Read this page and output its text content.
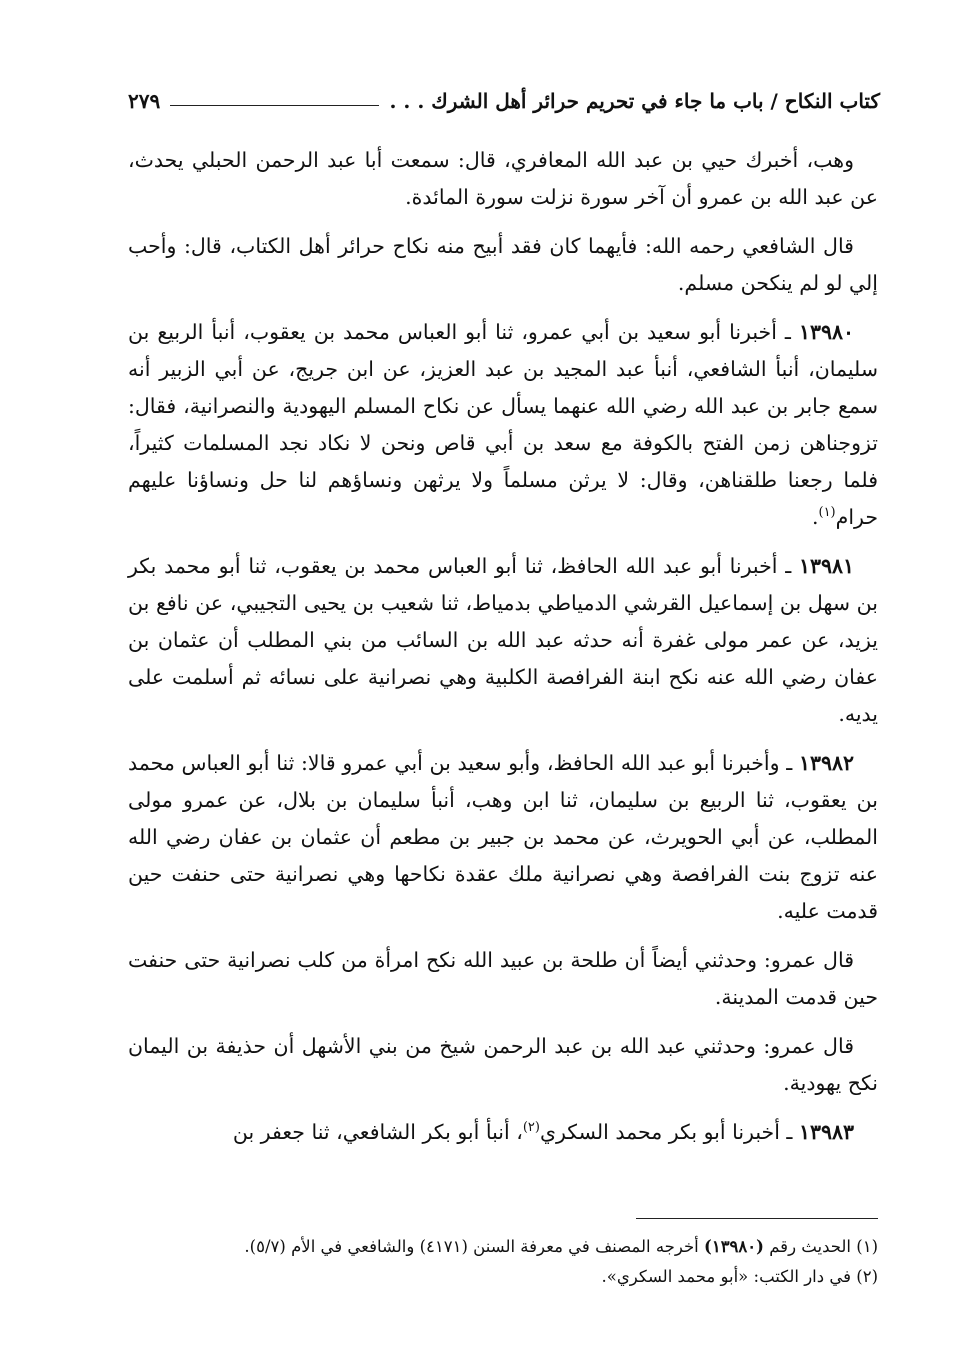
كتاب النكاح / باب ما جاء في تحريم حرائر أهل الشرك . . .
٢٧٩

وهب، أخبرك حيي بن عبد الله المعافري، قال: سمعت أبا عبد الرحمن الحبلي يحدث، عن عبد الله بن عمرو أن آخر سورة نزلت سورة المائدة.

قال الشافعي رحمه الله: فأيهما كان فقد أبيح منه نكاح حرائر أهل الكتاب، قال: وأحب إلي لو لم ينكحن مسلم.

١٣٩٨٠ ـ أخبرنا أبو سعيد بن أبي عمرو، ثنا أبو العباس محمد بن يعقوب، أنبأ الربيع بن سليمان، أنبأ الشافعي، أنبأ عبد المجيد بن عبد العزيز، عن ابن جريج، عن أبي الزبير أنه سمع جابر بن عبد الله رضي الله عنهما يسأل عن نكاح المسلم اليهودية والنصرانية، فقال: تزوجناهن زمن الفتح بالكوفة مع سعد بن أبي قاص ونحن لا نكاد نجد المسلمات كثيراً، فلما رجعنا طلقناهن، وقال: لا يرثن مسلماً ولا يرثهن ونساؤهم لنا حل ونساؤنا عليهم حرام$^{(١)}$.

١٣٩٨١ ـ أخبرنا أبو عبد الله الحافظ، ثنا أبو العباس محمد بن يعقوب، ثنا أبو محمد بكر بن سهل بن إسماعيل القرشي الدمياطي بدمياط، ثنا شعيب بن يحيى التجيبي، عن نافع بن يزيد، عن عمر مولى غفرة أنه حدثه عبد الله بن السائب من بني المطلب أن عثمان بن عفان رضي الله عنه نكح ابنة الفرافصة الكلبية وهي نصرانية على نسائه ثم أسلمت على يديه.

١٣٩٨٢ ـ وأخبرنا أبو عبد الله الحافظ، وأبو سعيد بن أبي عمرو قالا: ثنا أبو العباس محمد بن يعقوب، ثنا الربيع بن سليمان، ثنا ابن وهب، أنبأ سليمان بن بلال، عن عمرو مولى المطلب، عن أبي الحويرث، عن محمد بن جبير بن مطعم أن عثمان بن عفان رضي الله عنه تزوج بنت الفرافصة وهي نصرانية ملك عقدة نكاحها وهي نصرانية حتى حنفت حين قدمت عليه.

قال عمرو: وحدثني أيضاً أن طلحة بن عبيد الله نكح امرأة من كلب نصرانية حتى حنفت حين قدمت المدينة.

قال عمرو: وحدثني عبد الله بن عبد الرحمن شيخ من بني الأشهل أن حذيفة بن اليمان نكح يهودية.

١٣٩٨٣ ـ أخبرنا أبو بكر محمد السكري$^{(٢)}$، أنبأ أبو بكر الشافعي، ثنا جعفر بن

(١) الحديث رقم (١٣٩٨٠) أخرجه المصنف في معرفة السنن (٤١٧١) والشافعي في الأم (٥/٧).

(٢) في دار الكتب: «أبو محمد السكري».
